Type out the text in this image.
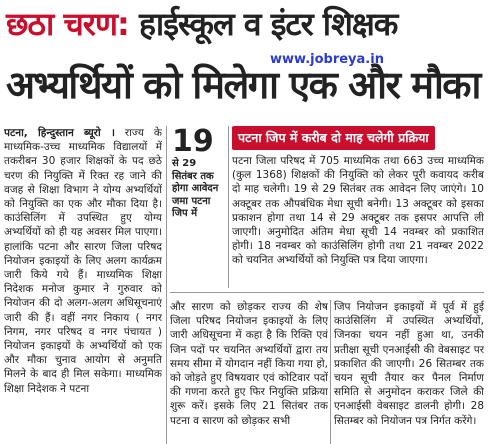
छठा चरण: हाईस्कूल व इंटर शिक्षक
अभ्यर्थियों को मिलेगा एक और मौका
www.jobreya.in
पटना, हिन्दुस्तान ब्यूरो । राज्य के माध्यमिक-उच्च माध्यमिक विद्यालयों में तकरीबन 30 हजार शिक्षकों के पद छठे चरण की नियुक्ति में रिक्त रह जाने की वजह से शिक्षा विभाग ने योग्य अभ्यर्थियों को नियुक्ति का एक और मौका दिया है। काउंसिलिंग में उपस्थित हुए योग्य अभ्यर्थियों को ही यह अवसर मिल पाएगा। हालांकि पटना और सारण जिला परिषद नियोजन इकाइयों के लिए अलग कार्यक्रम जारी किये गये हैं। माध्यमिक शिक्षा निदेशक मनोज कुमार ने गुरुवार को नियोजन की दो अलग-अलग अधिसूचनाएं जारी की हैं। वहीं नगर निकाय ( नगर निगम, नगर परिषद व नगर पंचायत ) नियोजन इकाइयों के अभ्यर्थियों को एक और मौका चुनाव आयोग से अनुमति मिलने के बाद ही मिल सकेगा। माध्यमिक शिक्षा निदेशक ने पटना
19
से 29 सितंबर तक होगा आवेदन जमा पटना जिप में
पटना जिप में करीब दो माह चलेगी प्रक्रिया
पटना जिला परिषद में 705 माध्यमिक तथा 663 उच्च माध्यमिक (कुल 1368) शिक्षकों की नियुक्ति को लेकर पूरी कवायद करीब दो माह चलेगी। 19 से 29 सितंबर तक आवेदन लिए जाएंगे। 10 अक्टूबर तक औपबंधिक मेधा सूची बनेगी। 13 अक्टूबर को इसका प्रकाशन होगा तथा 14 से 29 अक्टूबर तक इसपर आपत्ति ली जाएगी। अनुमोदित अंतिम मेधा सूची 14 नवम्बर को प्रकाशित होगी। 18 नवम्बर को काउंसिलिंग होगी तथा 21 नवम्बर 2022 को चयनित अभ्यर्थियों को नियुक्ति पत्र दिया जाएगा।
और सारण को छोड़कर राज्य की शेष जिला परिषद नियोजन इकाइयों के लिए जारी अधिसूचना में कहा है कि रिक्ति एवं जिन पदों पर चयनित अभ्यर्थियों द्वारा तय समय सीमा में योगदान नहीं किया गया हो, को जोड़ते हुए विषयवार एवं कोटिवार पदों की गणना करते हुए फिर नियुक्ति प्रक्रिया शुरू करें। इसके लिए 21 सितंबर तक पटना व सारण को छोड़कर सभी
जिप नियोजन इकाइयों में पूर्व में हुई काउंसिलिंग में उपस्थित अभ्यर्थियों, जिनका चयन नहीं हुआ था, उनकी प्रतीक्षा सूची एनआईसी की वेबसाइट पर प्रकाशित की जाएगी। 26 सितम्बर तक चयन सूची तैयार कर पैनल निर्माण समिति से अनुमोदन कराकर जिले की एनआईसी वेबसाइट डालनी होगी। 28 सितम्बर को नियोजन पत्र निर्गत करेंगे।
